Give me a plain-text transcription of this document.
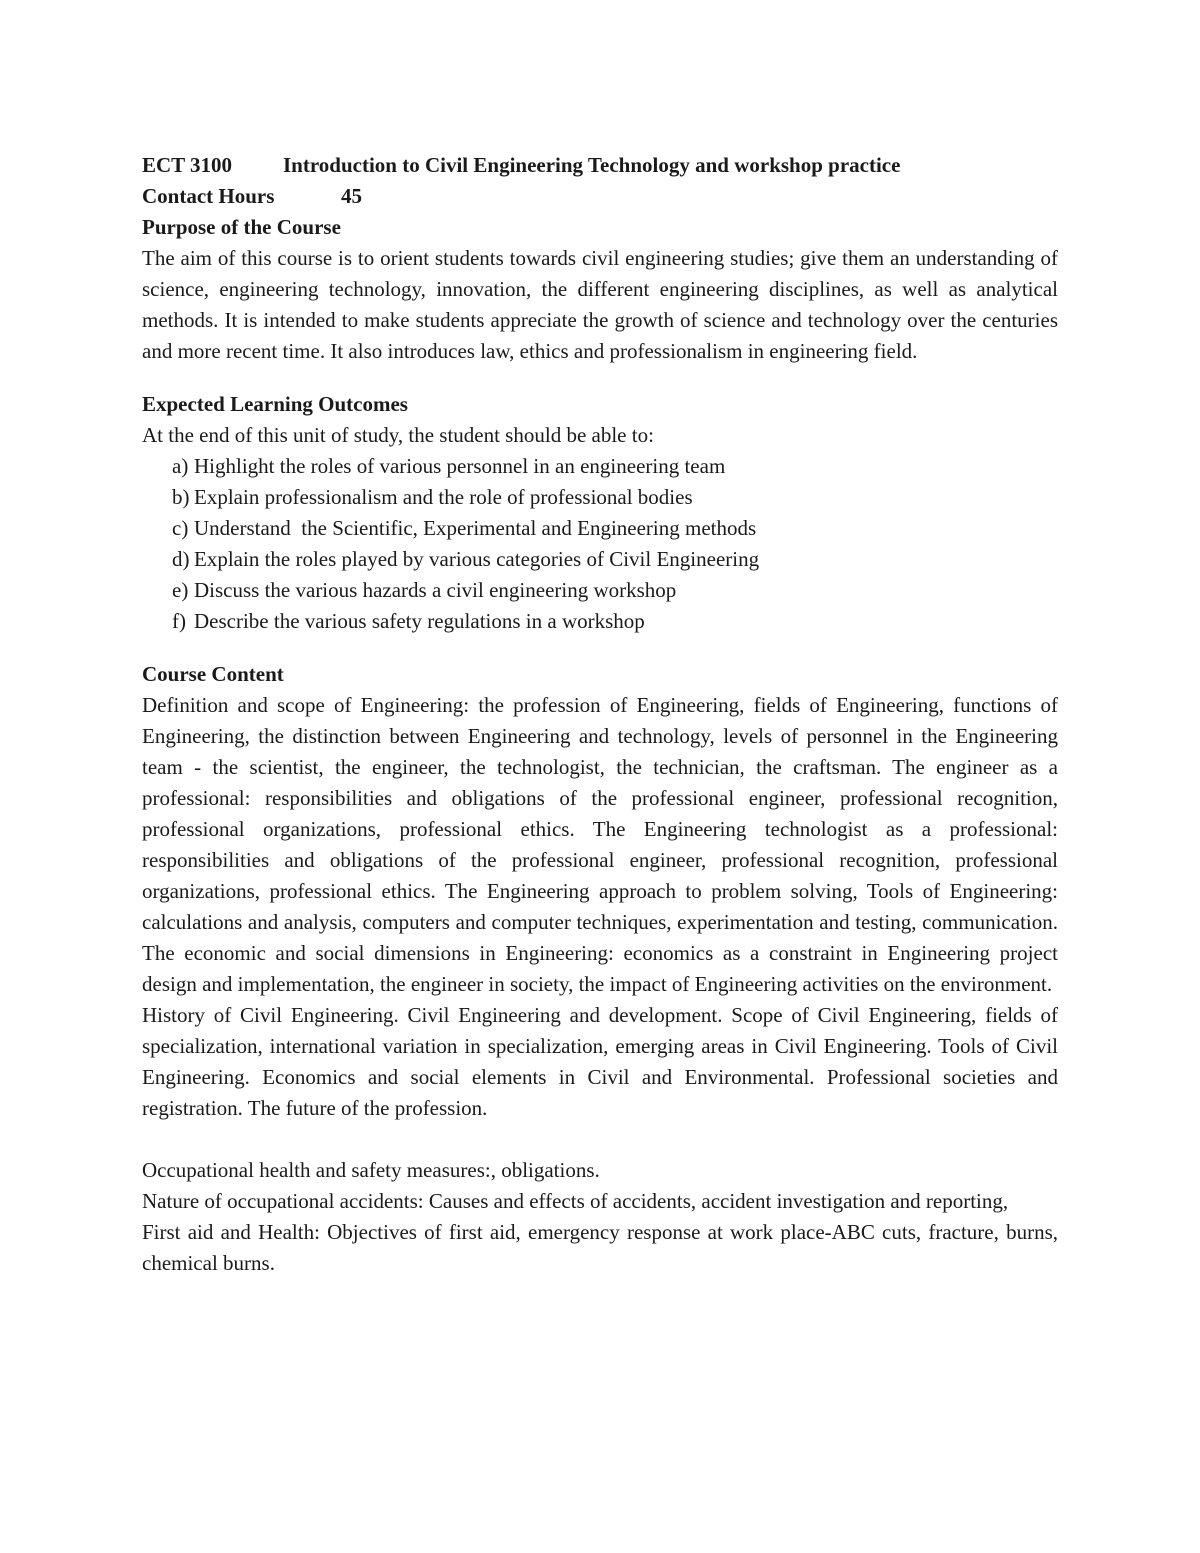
ECT 3100 Introduction to Civil Engineering Technology and workshop practice
Contact Hours	45
Purpose of the Course

The aim of this course is to orient students towards civil engineering studies; give them an understanding of science, engineering technology, innovation, the different engineering disciplines, as well as analytical methods. It is intended to make students appreciate the growth of science and technology over the centuries and more recent time. It also introduces law, ethics and professionalism in engineering field.

Expected Learning Outcomes

At the end of this unit of study, the student should be able to:

a) Highlight the roles of various personnel in an engineering team
b) Explain professionalism and the role of professional bodies
c) Understand  the Scientific, Experimental and Engineering methods
d) Explain the roles played by various categories of Civil Engineering
e) Discuss the various hazards a civil engineering workshop
f) Describe the various safety regulations in a workshop
Course Content

Definition and scope of Engineering: the profession of Engineering, fields of Engineering, functions of Engineering, the distinction between Engineering and technology, levels of personnel in the Engineering team - the scientist, the engineer, the technologist, the technician, the craftsman. The engineer as a professional: responsibilities and obligations of the professional engineer, professional recognition, professional organizations, professional ethics. The Engineering technologist as a professional: responsibilities and obligations of the professional engineer, professional recognition, professional organizations, professional ethics. The Engineering approach to problem solving, Tools of Engineering: calculations and analysis, computers and computer techniques, experimentation and testing, communication. The economic and social dimensions in Engineering: economics as a constraint in Engineering project design and implementation, the engineer in society, the impact of Engineering activities on the environment.

History of Civil Engineering. Civil Engineering and development. Scope of Civil Engineering, fields of specialization, international variation in specialization, emerging areas in Civil Engineering. Tools of Civil Engineering. Economics and social elements in Civil and Environmental. Professional societies and registration. The future of the profession.

Occupational health and safety measures:, obligations.

Nature of occupational accidents: Causes and effects of accidents, accident investigation and reporting,

First aid and Health: Objectives of first aid, emergency response at work place-ABC cuts, fracture, burns, chemical burns.
